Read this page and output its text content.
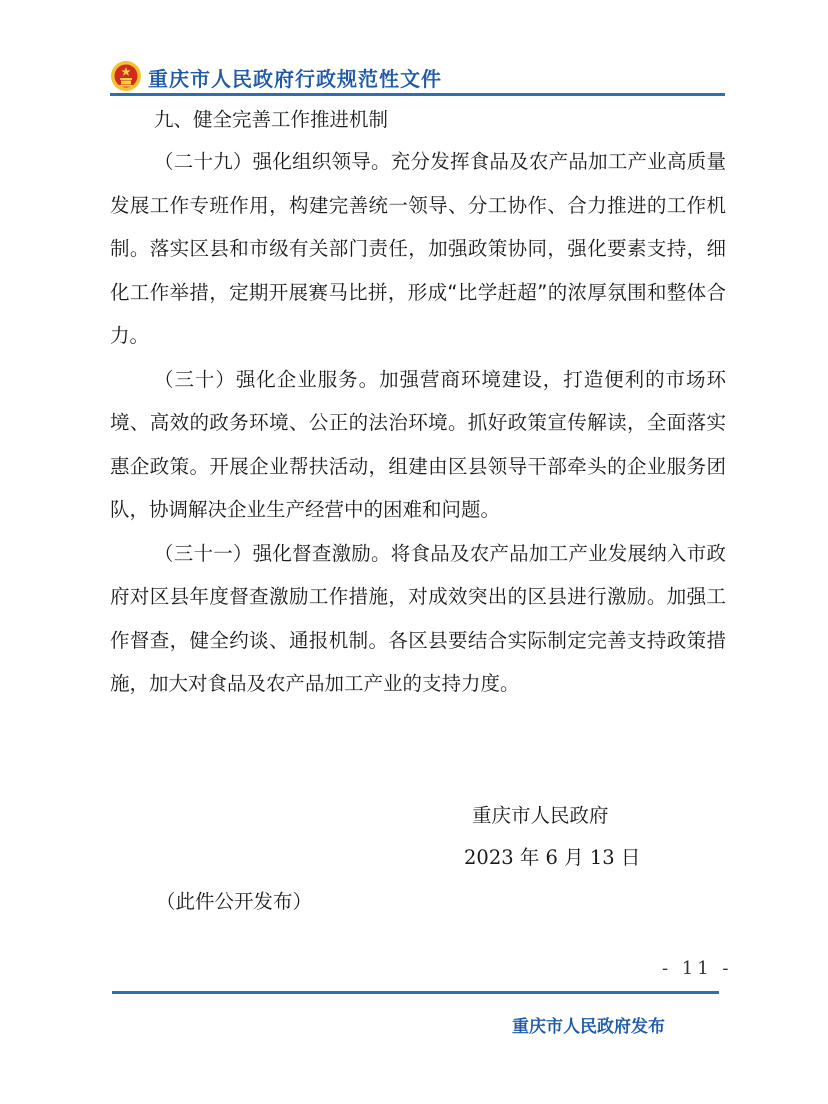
重庆市人民政府行政规范性文件
九、健全完善工作推进机制

（二十九）强化组织领导。充分发挥食品及农产品加工产业高质量发展工作专班作用，构建完善统一领导、分工协作、合力推进的工作机制。落实区县和市级有关部门责任，加强政策协同，强化要素支持，细化工作举措，定期开展赛马比拼，形成“比学赶超”的浓厚氛围和整体合力。

（三十）强化企业服务。加强营商环境建设，打造便利的市场环境、高效的政务环境、公正的法治环境。抓好政策宣传解读，全面落实惠企政策。开展企业帮扶活动，组建由区县领导干部牵头的企业服务团队，协调解决企业生产经营中的困难和问题。

（三十一）强化督查激励。将食品及农产品加工产业发展纳入市政府对区县年度督查激励工作措施，对成效突出的区县进行激励。加强工作督查，健全约谈、通报机制。各区县要结合实际制定完善支持政策措施，加大对食品及农产品加工产业的支持力度。

重庆市人民政府
2023 年 6 月 13 日
（此件公开发布）
- 11 -
重庆市人民政府发布
